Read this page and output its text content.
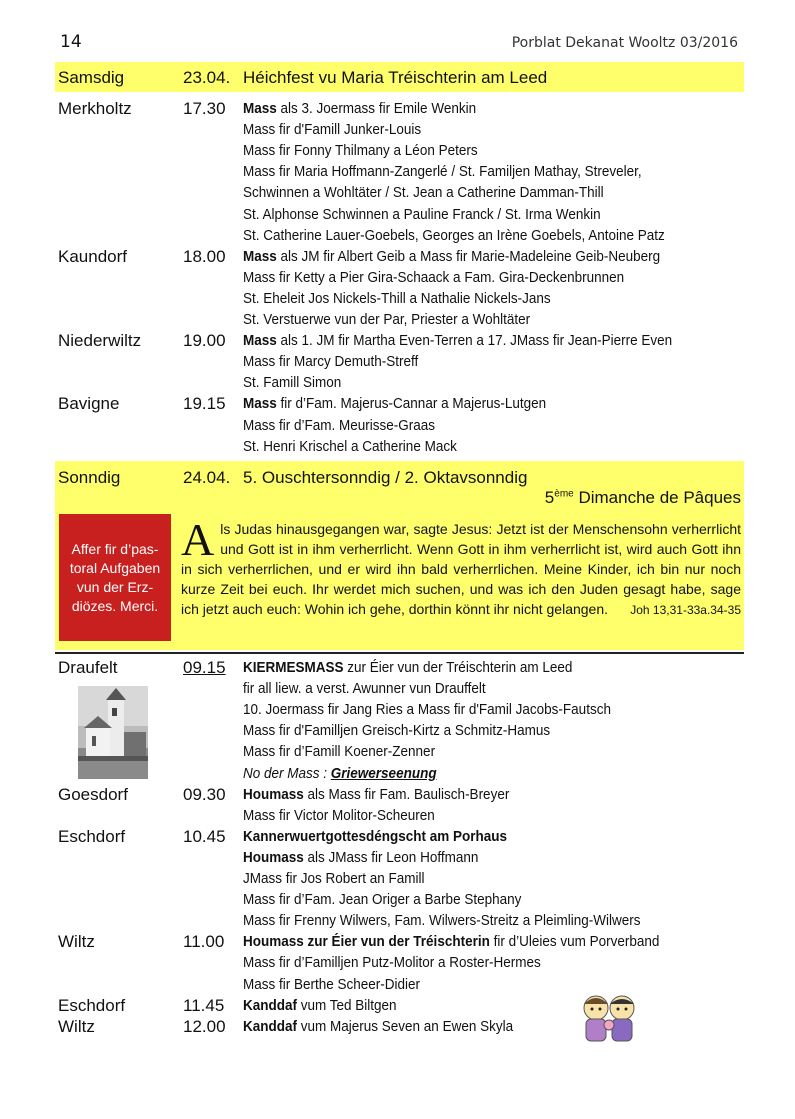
14	Porblat Dekanat Wooltz 03/2016
Samsdig	23.04. Héichfest vu Maria Tréischterin am Leed
Merkholtz	17.30 Mass als 3. Joermass fir Emile Wenkin
Mass fir d'Famill Junker-Louis
Mass fir Fonny Thilmany a Léon Peters
Mass fir Maria Hoffmann-Zangerlé / St. Familjen Mathay, Streveler,
Schwinnen a Wohltäter / St. Jean a Catherine Damman-Thill
St. Alphonse Schwinnen a Pauline Franck / St. Irma Wenkin
St. Catherine Lauer-Goebels, Georges an Irène Goebels, Antoine Patz
Kaundorf	18.00 Mass als JM fir Albert Geib a Mass fir Marie-Madeleine Geib-Neuberg
Mass fir Ketty a Pier Gira-Schaack a Fam. Gira-Deckenbrunnen
St. Eheleit Jos Nickels-Thill a Nathalie Nickels-Jans
St. Verstuerwe vun der Par, Priester a Wohltäter
Niederwiltz 19.00 Mass als 1. JM fir Martha Even-Terren a 17. JMass fir Jean-Pierre Even
Mass fir Marcy Demuth-Streff
St. Famill Simon
Bavigne	19.15 Mass fir d’Fam. Majerus-Cannar a Majerus-Lutgen
Mass fir d’Fam. Meurisse-Graas
St. Henri Krischel a Catherine Mack
Sonndig	24.04. 5. Ouschtersonndig / 2. Oktavsonndig
5ème Dimanche de Pâques
Affer fir d’pas-toral Aufgaben vun der Erz-diözes. Merci.
Als Judas hinausgegangen war, sagte Jesus: Jetzt ist der Menschensohn verherrlicht und Gott ist in ihm verherrlicht. Wenn Gott in ihm verherrlicht ist, wird auch Gott ihn in sich verherrlichen, und er wird ihn bald verherrlichen. Meine Kinder, ich bin nur noch kurze Zeit bei euch. Ihr werdet mich suchen, und was ich den Juden gesagt habe, sage ich jetzt auch euch: Wohin ich gehe, dorthin könnt ihr nicht gelangen. Joh 13,31-33a.34-35
Draufelt	09.15 KIERMESMASS zur Éier vun der Tréischterin am Leed
fir all liew. a verst. Awunner vun Drauffelt
10. Joermass fir Jang Ries a Mass fir d'Famil Jacobs-Fautsch
Mass fir d'Familljen Greisch-Kirtz a Schmitz-Hamus
Mass fir d’Famill Koener-Zenner
No der Mass : Griewerseenung
Goesdorf	09.30 Houmass als Mass fir Fam. Baulisch-Breyer
Mass fir Victor Molitor-Scheuren
Eschdorf	10.45 Kannerwuertgottesdéngscht am Porhaus
Houmass als JMass fir Leon Hoffmann
JMass fir Jos Robert an Famill
Mass fir d’Fam. Jean Origer a Barbe Stephany
Mass fir Frenny Wilwers, Fam. Wilwers-Streitz a Pleimling-Wilwers
Wiltz	11.00 Houmass zur Éier vun der Tréischterin fir d’Uleies vum Porverband
Mass fir d’Familljen Putz-Molitor a Roster-Hermes
Mass fir Berthe Scheer-Didier
Eschdorf	11.45 Kanddaf vum Ted Biltgen
Wiltz	12.00 Kanddaf vum Majerus Seven an Ewen Skyla
